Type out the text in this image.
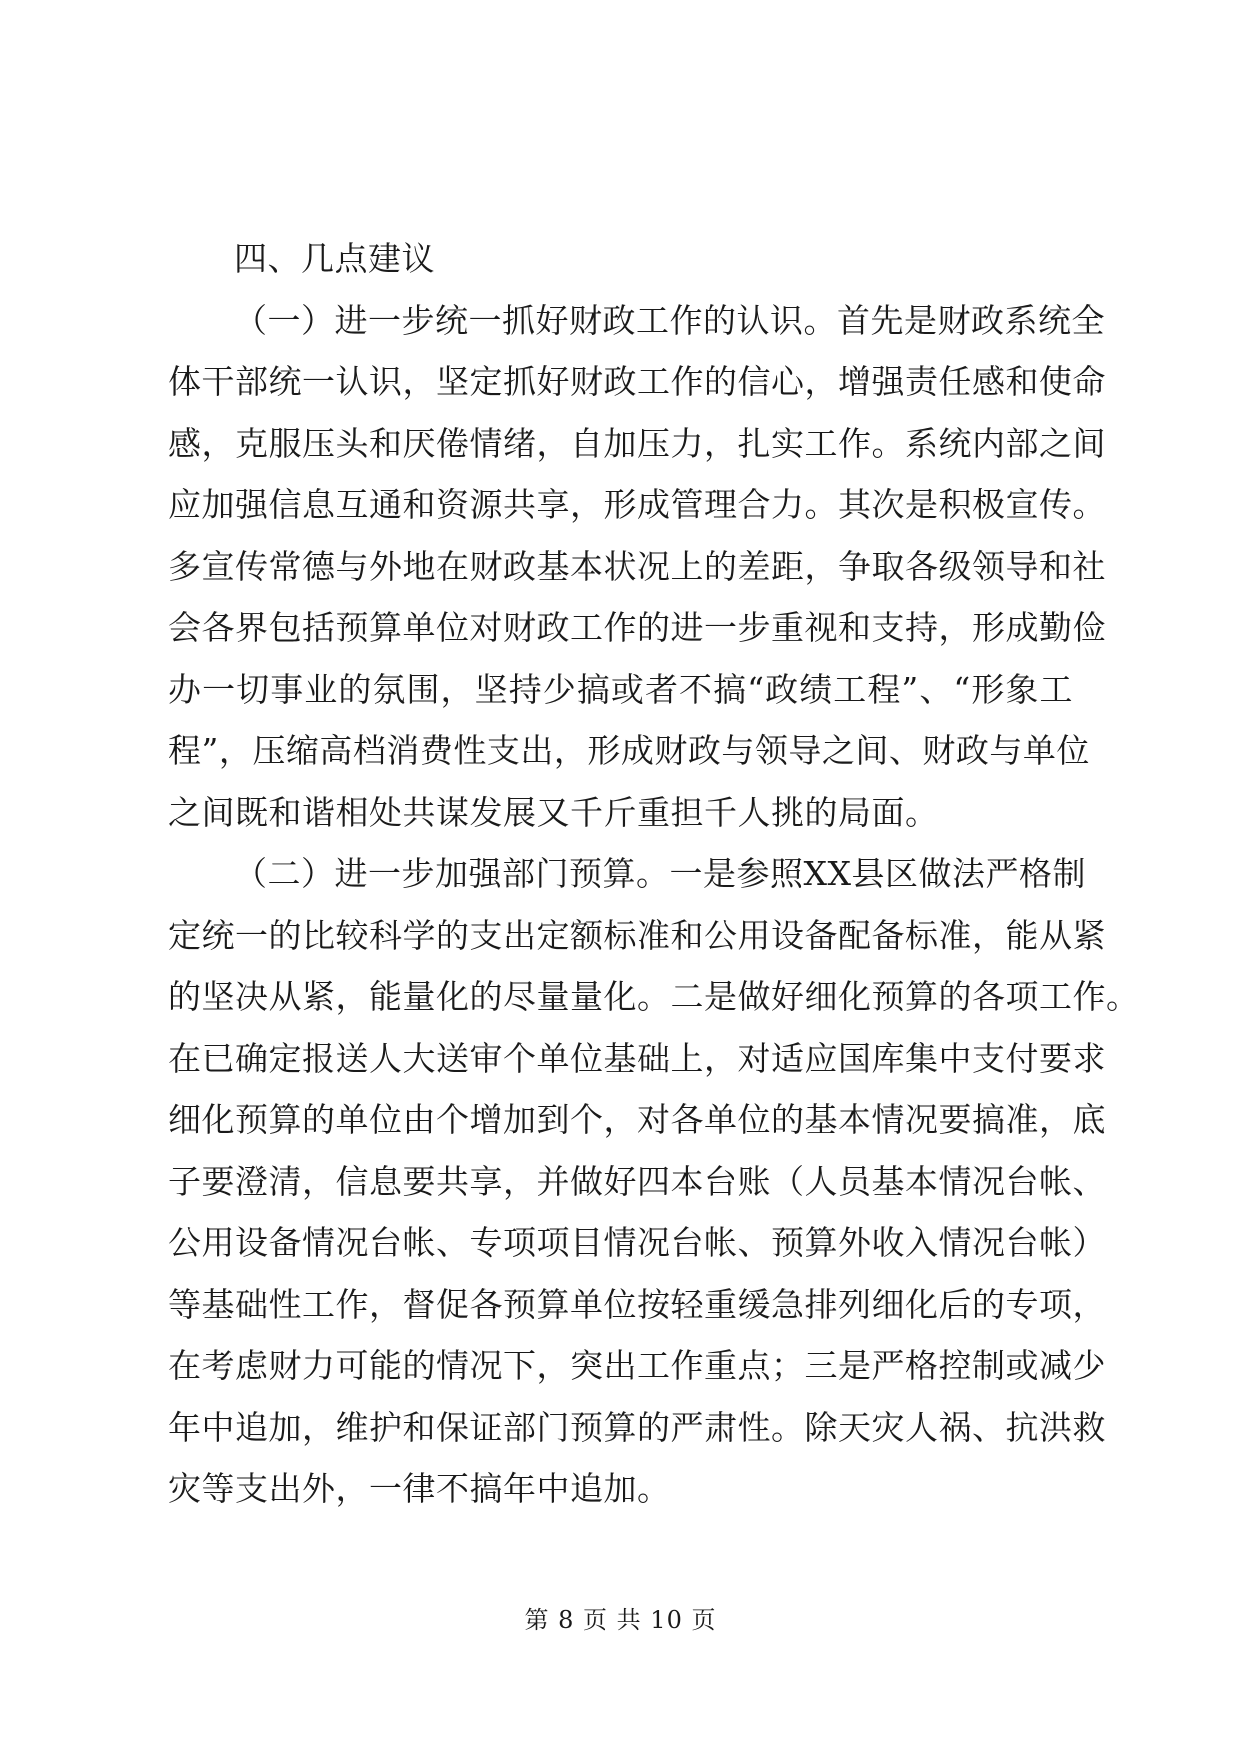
四、几点建议
（一）进一步统一抓好财政工作的认识。首先是财政系统全
体干部统一认识，坚定抓好财政工作的信心，增强责任感和使命
感，克服压头和厌倦情绪，自加压力，扎实工作。系统内部之间
应加强信息互通和资源共享，形成管理合力。其次是积极宣传。
多宣传常德与外地在财政基本状况上的差距，争取各级领导和社
会各界包括预算单位对财政工作的进一步重视和支持，形成勤俭
办一切事业的氛围，坚持少搞或者不搞“政绩工程”、“形象工
程”，压缩高档消费性支出，形成财政与领导之间、财政与单位
之间既和谐相处共谋发展又千斤重担千人挑的局面。
（二）进一步加强部门预算。一是参照XX县区做法严格制
定统一的比较科学的支出定额标准和公用设备配备标准，能从紧
的坚决从紧，能量化的尽量量化。二是做好细化预算的各项工作。
在已确定报送人大送审个单位基础上，对适应国库集中支付要求
细化预算的单位由个增加到个，对各单位的基本情况要搞准，底
子要澄清，信息要共享，并做好四本台账（人员基本情况台帐、
公用设备情况台帐、专项项目情况台帐、预算外收入情况台帐）
等基础性工作，督促各预算单位按轻重缓急排列细化后的专项，
在考虑财力可能的情况下，突出工作重点；三是严格控制或减少
年中追加，维护和保证部门预算的严肃性。除天灾人祸、抗洪救
灾等支出外，一律不搞年中追加。
第 8 页 共 10 页
